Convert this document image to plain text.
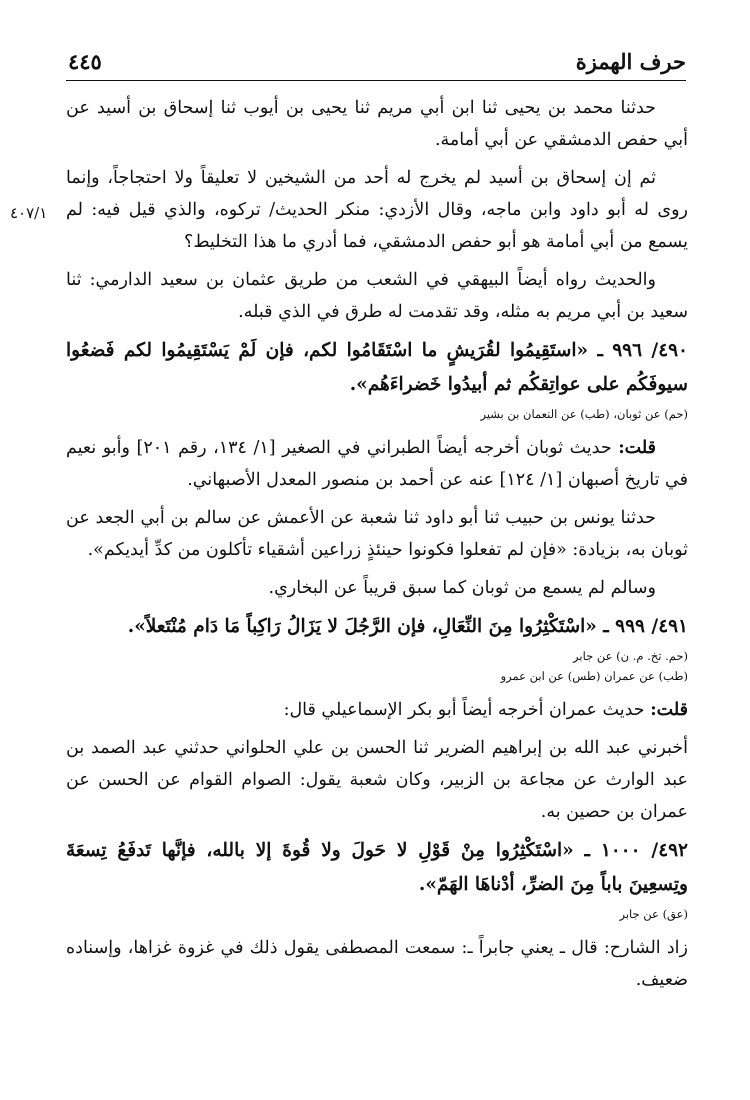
حرف الهمزة
٤٤٥
٤٠٧/١

حدثنا محمد بن يحيى ثنا ابن أبي مريم ثنا يحيى بن أيوب ثنا إسحاق بن أسيد عن أبي حفص الدمشقي عن أبي أمامة.

ثم إن إسحاق بن أسيد لم يخرج له أحد من الشيخين لا تعليقاً ولا احتجاجاً، وإنما روى له أبو داود وابن ماجه، وقال الأزدي: منكر الحديث/ تركوه، والذي قيل فيه: لم يسمع من أبي أمامة هو أبو حفص الدمشقي، فما أدري ما هذا التخليط؟

والحديث رواه أيضاً البيهقي في الشعب من طريق عثمان بن سعيد الدارمي: ثنا سعيد بن أبي مريم به مثله، وقد تقدمت له طرق في الذي قبله.

٤٩٠/ ٩٩٦ ـ «استَقِيمُوا لقُرَيشٍ ما اسْتَقَامُوا لكم، فإن لَمْ يَسْتَقِيمُوا لكم فَضعُوا سيوفَكُم على عواتِقكُم ثم أبيدُوا خَضراءَهُم».

(حم) عن ثوبان، (طب) عن النعمان بن بشير

قلت: حديث ثوبان أخرجه أيضاً الطبراني في الصغير [١/ ١٣٤، رقم ٢٠١] وأبو نعيم في تاريخ أصبهان [١/ ١٢٤] عنه عن أحمد بن منصور المعدل الأصبهاني.

حدثنا يونس بن حبيب ثنا أبو داود ثنا شعبة عن الأعمش عن سالم بن أبي الجعد عن ثوبان به، بزيادة: «فإن لم تفعلوا فكونوا حينئذٍ زراعين أشقياء تأكلون من كدِّ أيديكم».

وسالم لم يسمع من ثوبان كما سبق قريباً عن البخاري.

٤٩١/ ٩٩٩ ـ «اسْتَكْثِرُوا مِنَ النِّعَالِ، فإن الرَّجُلَ لا يَزَالُ رَاكِباً مَا دَام مُنْتَعلاً».

(حم. تخ. م. ن) عن جابر

(طب) عن عمران (طس) عن ابن عمرو

قلت: حديث عمران أخرجه أيضاً أبو بكر الإسماعيلي قال:

أخبرني عبد الله بن إبراهيم الضرير ثنا الحسن بن علي الحلواني حدثني عبد الصمد بن عبد الوارث عن مجاعة بن الزبير، وكان شعبة يقول: الصوام القوام عن الحسن عن عمران بن حصين به.

٤٩٢/ ١٠٠٠ ـ «اسْتَكْثِرُوا مِنْ قَوْلِ لا حَولَ ولا قُوةَ إلا بالله، فإنَّها تَدفَعُ تِسعَةَ وتِسعِينَ باباً مِنَ الضرِّ، أدْناهَا الهَمّ».

(عق) عن جابر

زاد الشارح: قال ـ يعني جابراً ـ: سمعت المصطفى يقول ذلك في غزوة غزاها، وإسناده ضعيف.
